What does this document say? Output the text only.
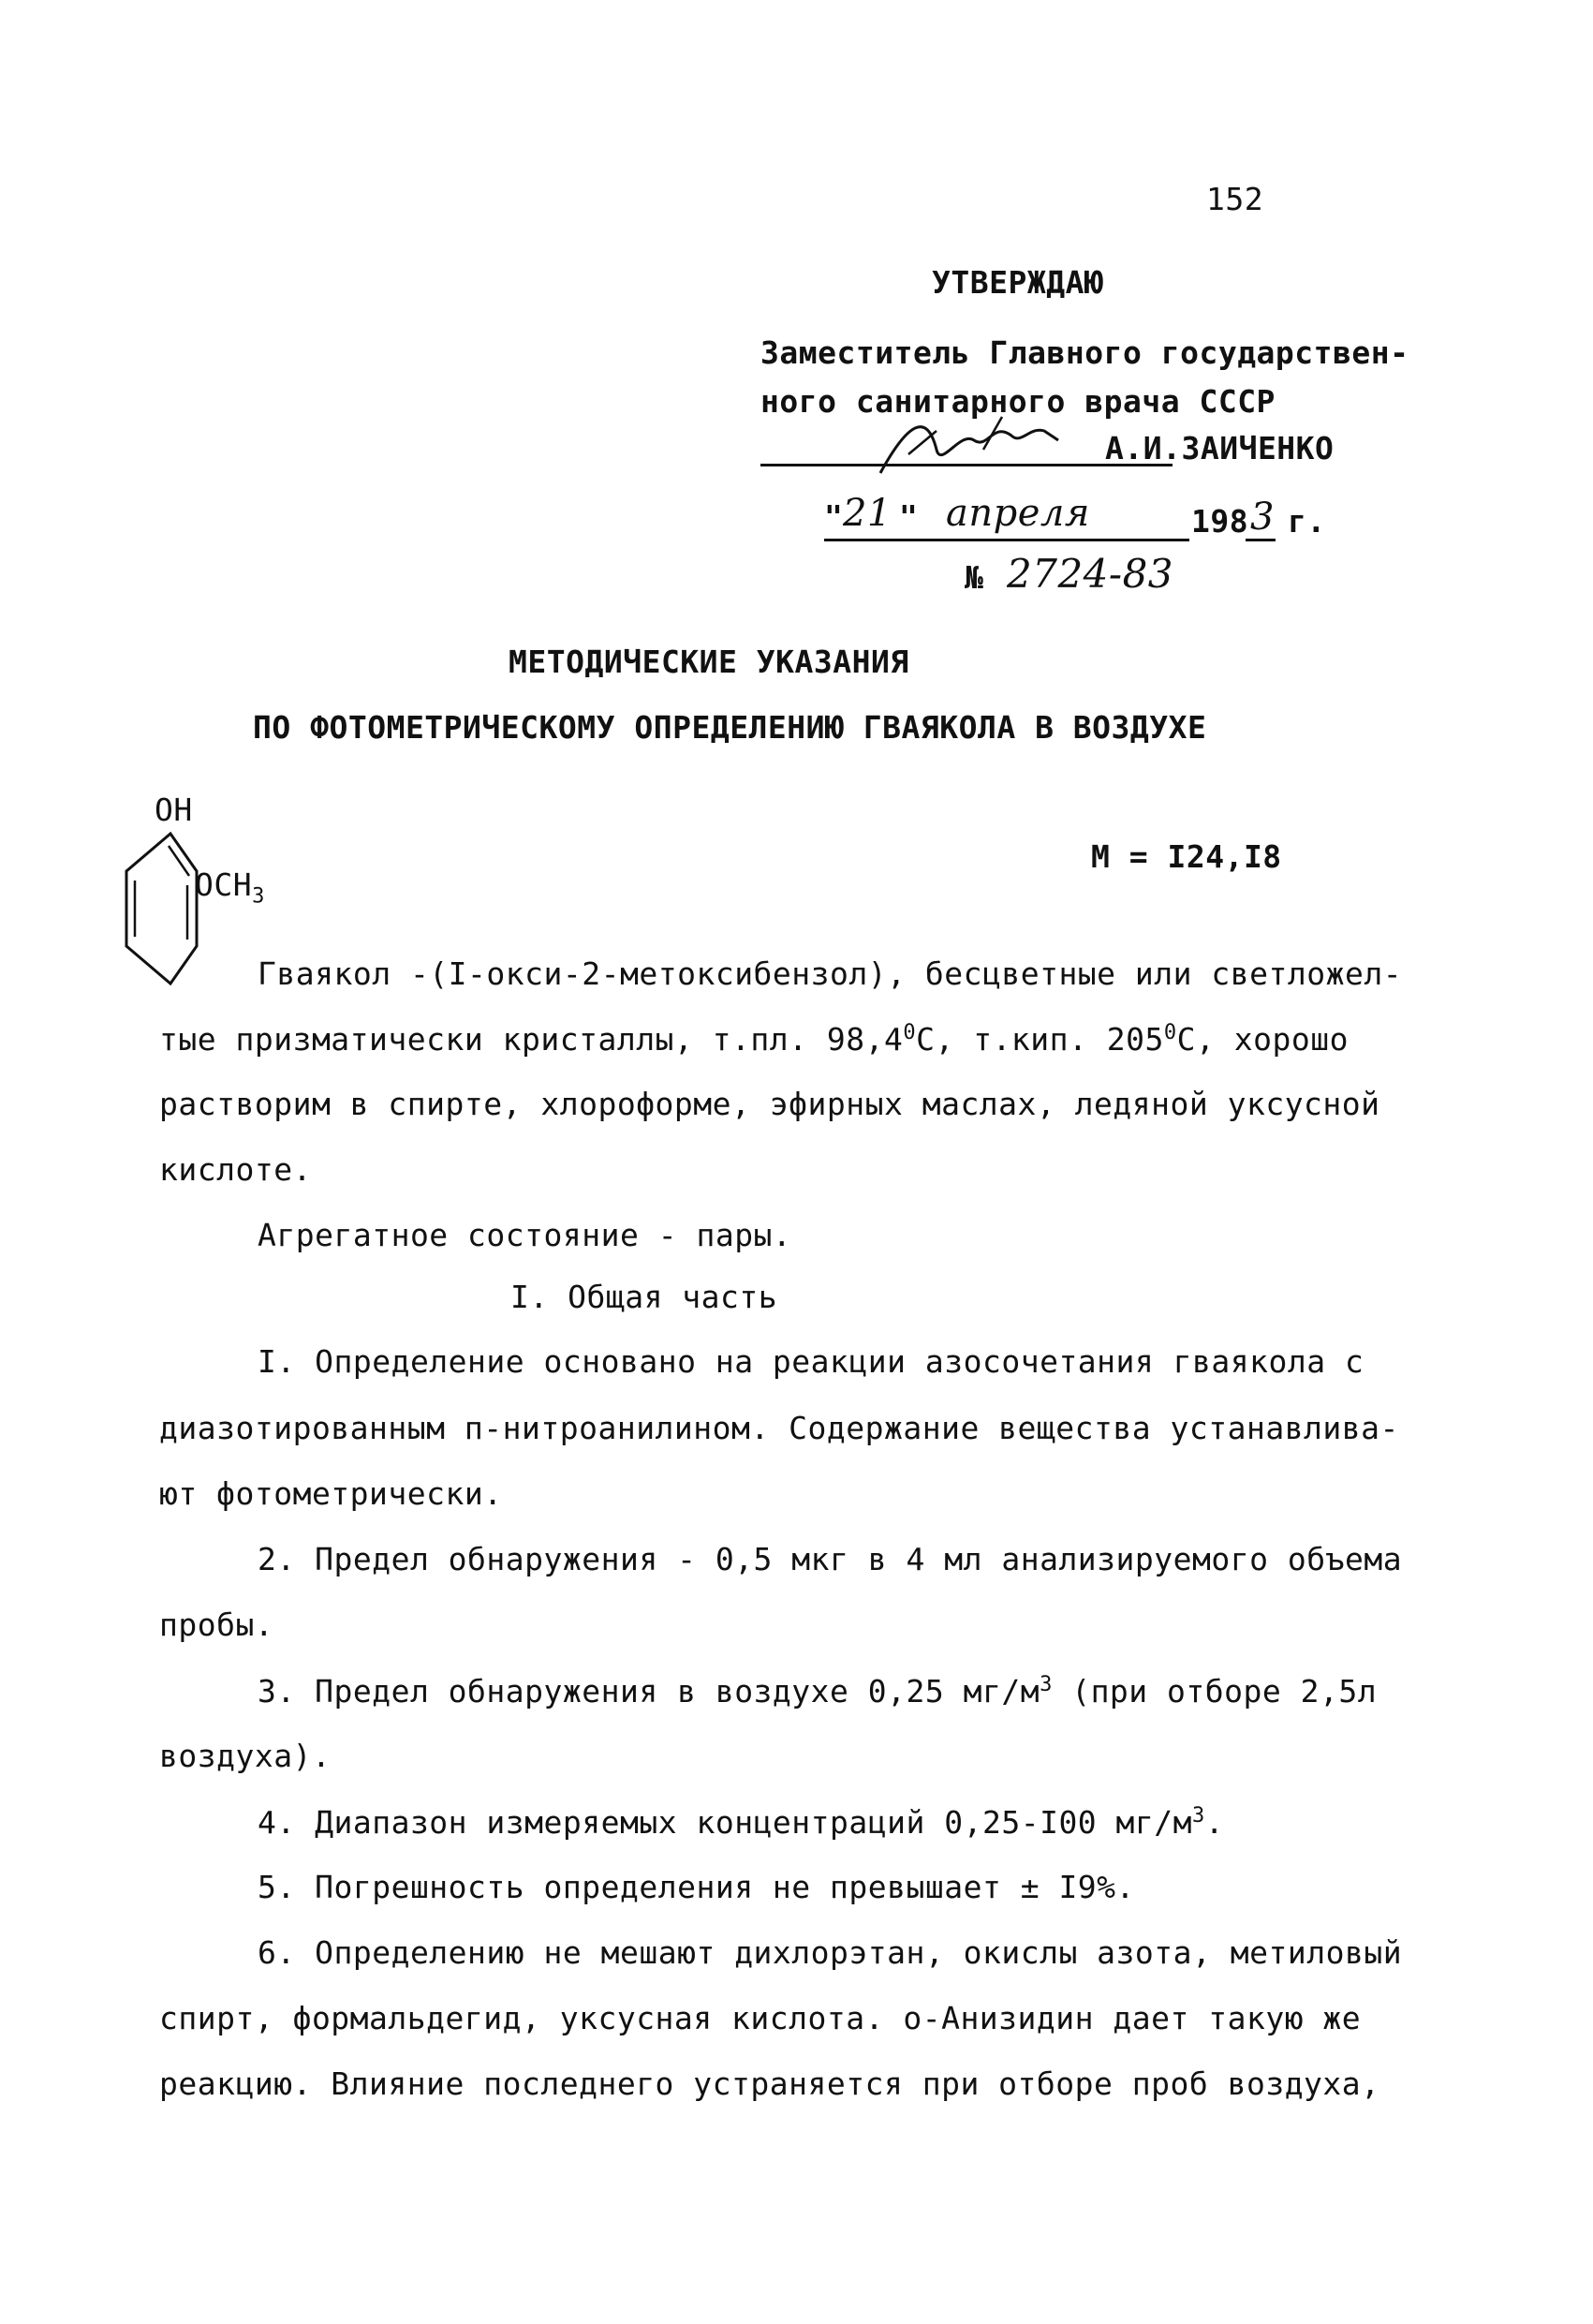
152
УТВЕРЖДАЮ
Заместитель Главного государствен-
ного санитарного врача СССР
А.И.ЗАИЧЕНКО
" 21 " апреля	198 3 г.
№ 2724-83
МЕТОДИЧЕСКИЕ УКАЗАНИЯ
ПО ФОТОМЕТРИЧЕСКОМУ ОПРЕДЕЛЕНИЮ ГВАЯКОЛА В ВОЗДУХЕ
OH
$OCH_3$
М = I24,I8
Гваякол -(I-окси-2-метоксибензол), бесцветные или светложел-
тые призматически кристаллы, т.пл. 98,4$^0$С, т.кип. $205^0С$, хорошо
растворим в спирте, хлороформе, эфирных маслах, ледяной уксусной
кислоте.
Агрегатное состояние - пары.
I. Общая часть
I. Определение основано на реакции азосочетания гваякола с
диазотированным п-нитроанилином. Содержание вещества устанавлива-
ют фотометрически.
2. Предел обнаружения - 0,5 мкг в 4 мл анализируемого объема
пробы.
3. Предел обнаружения в воздухе 0,25 $мг/м^3$ (при отборе 2,5л
воздуха).
4. Диапазон измеряемых концентраций 0,25-I00 $мг/м^3$.
5. Погрешность определения не превышает ± I9%.
6. Определению не мешают дихлорэтан, окислы азота, метиловый
спирт, формальдегид, уксусная кислота. о-Анизидин дает такую же
реакцию. Влияние последнего устраняется при отборе проб воздуха,
